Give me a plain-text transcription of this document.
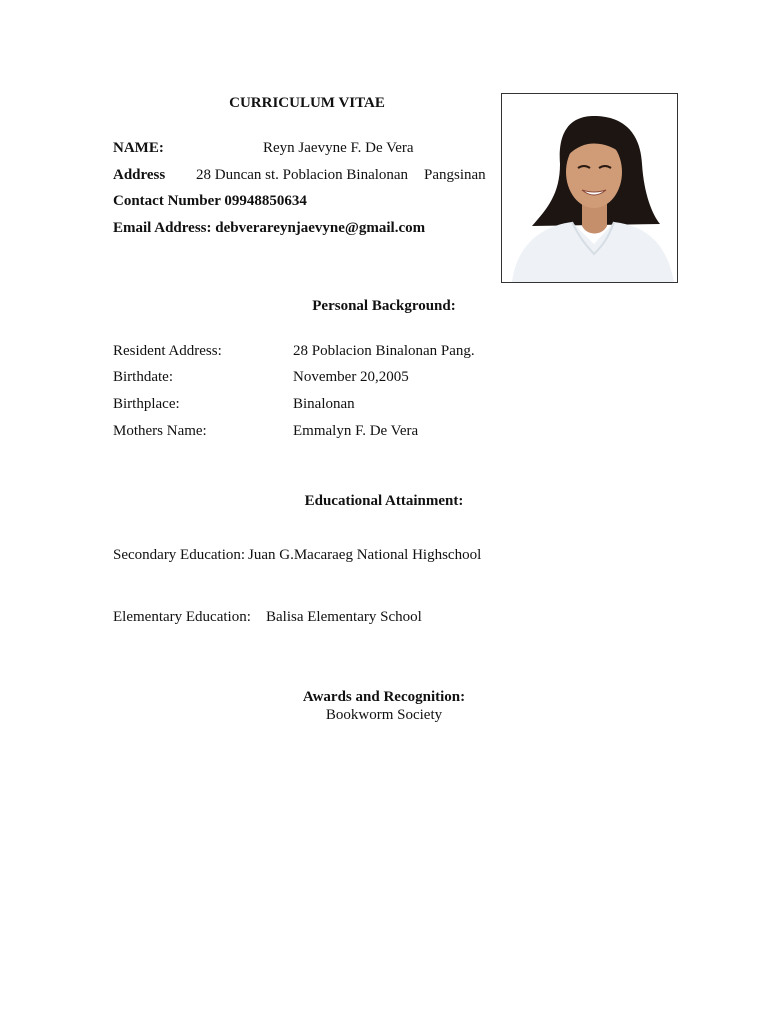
CURRICULUM VITAE
NAME:	Reyn Jaevyne F. De Vera
Address 28 Duncan st. Poblacion Binalonan Pangsinan
Contact Number 09948850634
Email Address: debverareynjaevyne@gmail.com
Personal Background:
Resident Address:	28 Poblacion Binalonan Pang.
Birthdate:	November 20,2005
Birthplace:	Binalonan
Mothers Name:	Emmalyn F. De Vera
Educational Attainment:
Secondary Education: Juan G.Macaraeg National Highschool
Elementary Education: Balisa Elementary School
Awards and Recognition:
Bookworm Society
